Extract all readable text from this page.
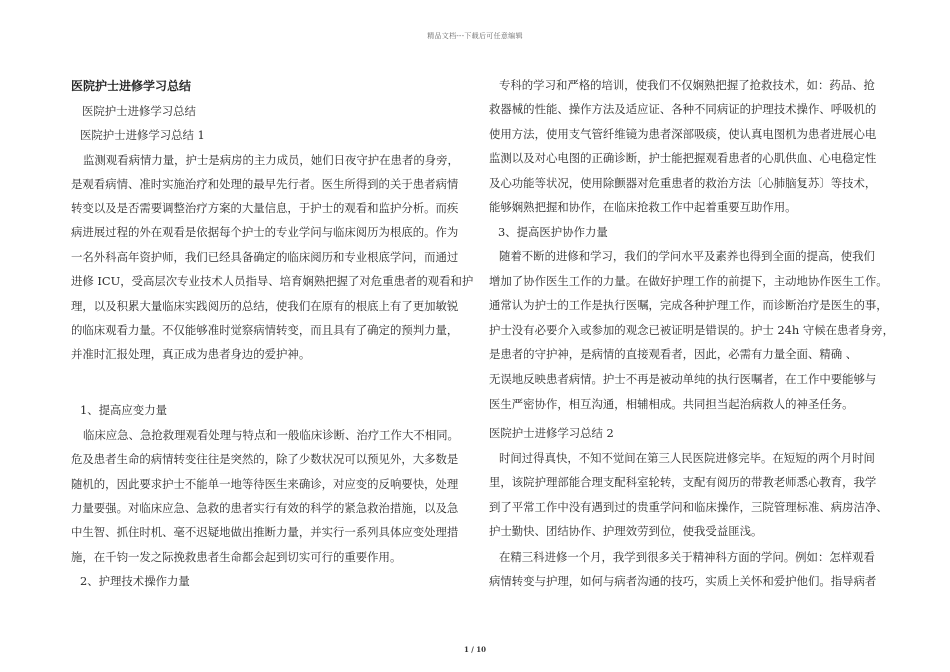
精品文档---下载后可任意编辑
医院护士进修学习总结
医院护士进修学习总结
医院护士进修学习总结 1
监测观看病情力量，护士是病房的主力成员，她们日夜守护在患者的身旁，
是观看病情、准时实施治疗和处理的最早先行者。医生所得到的关于患者病情
转变以及是否需要调整治疗方案的大量信息，于护士的观看和监护分析。而疾
病进展过程的外在观看是依据每个护士的专业学问与临床阅历为根底的。作为
一名外科高年资护师，我们已经具备确定的临床阅历和专业根底学问，而通过
进修 ICU，受高层次专业技术人员指导、培育娴熟把握了对危重患者的观看和护
理，以及积累大量临床实践阅历的总结，使我们在原有的根底上有了更加敏锐
的临床观看力量。不仅能够准时觉察病情转变，而且具有了确定的预判力量，
并准时汇报处理，真正成为患者身边的爱护神。
1、提高应变力量
临床应急、急抢救理观看处理与特点和一般临床诊断、治疗工作大不相同。
危及患者生命的病情转变往往是突然的，除了少数状况可以预见外，大多数是
随机的，因此要求护士不能单一地等待医生来确诊，对应变的反响要快，处理
力量要强。对临床应急、急救的患者实行有效的科学的紧急救治措施，以及急
中生智、抓住时机、毫不迟疑地做出推断力量，并实行一系列具体应变处理措
施，在千钧一发之际挽救患者生命都会起到切实可行的重要作用。
2、护理技术操作力量
专科的学习和严格的培训，使我们不仅娴熟把握了抢救技术，如：药品、抢
救器械的性能、操作方法及适应证、各种不同病证的护理技术操作、呼吸机的
使用方法，使用支气管纤维镜为患者深部吸痰，使认真电图机为患者进展心电
监测以及对心电图的正确诊断，护士能把握观看患者的心肌供血、心电稳定性
及心功能等状况，使用除颤器对危重患者的救治方法〔心肺脑复苏〕等技术，
能够娴熟把握和协作，在临床抢救工作中起着重要互助作用。
3、提高医护协作力量
随着不断的进修和学习，我们的学问水平及素养也得到全面的提高，使我们
增加了协作医生工作的力量。在做好护理工作的前提下，主动地协作医生工作。
通常认为护士的工作是执行医嘱，完成各种护理工作，而诊断治疗是医生的事，
护士没有必要介入或参加的观念已被证明是错误的。护士 24h 守候在患者身旁，
是患者的守护神，是病情的直接观看者，因此，必需有力量全面、精确 、
无误地反映患者病情。护士不再是被动单纯的执行医嘱者，在工作中要能够与
医生严密协作，相互沟通，相辅相成。共同担当起治病救人的神圣任务。
医院护士进修学习总结 2
时间过得真快，不知不觉间在第三人民医院进修完毕。在短短的两个月时间
里，该院护理部能合理支配科室轮转，支配有阅历的带教老师悉心教育，我学
到了平常工作中没有遇到过的贵重学问和临床操作，三院管理标准、病房洁净、
护士勤快、团结协作、护理效劳到位，使我受益匪浅。
在精三科进修一个月，我学到很多关于精神科方面的学问。例如：怎样观看
病情转变与护理，如何与病者沟通的技巧，实质上关怀和爱护他们。指导病者
1 / 10
